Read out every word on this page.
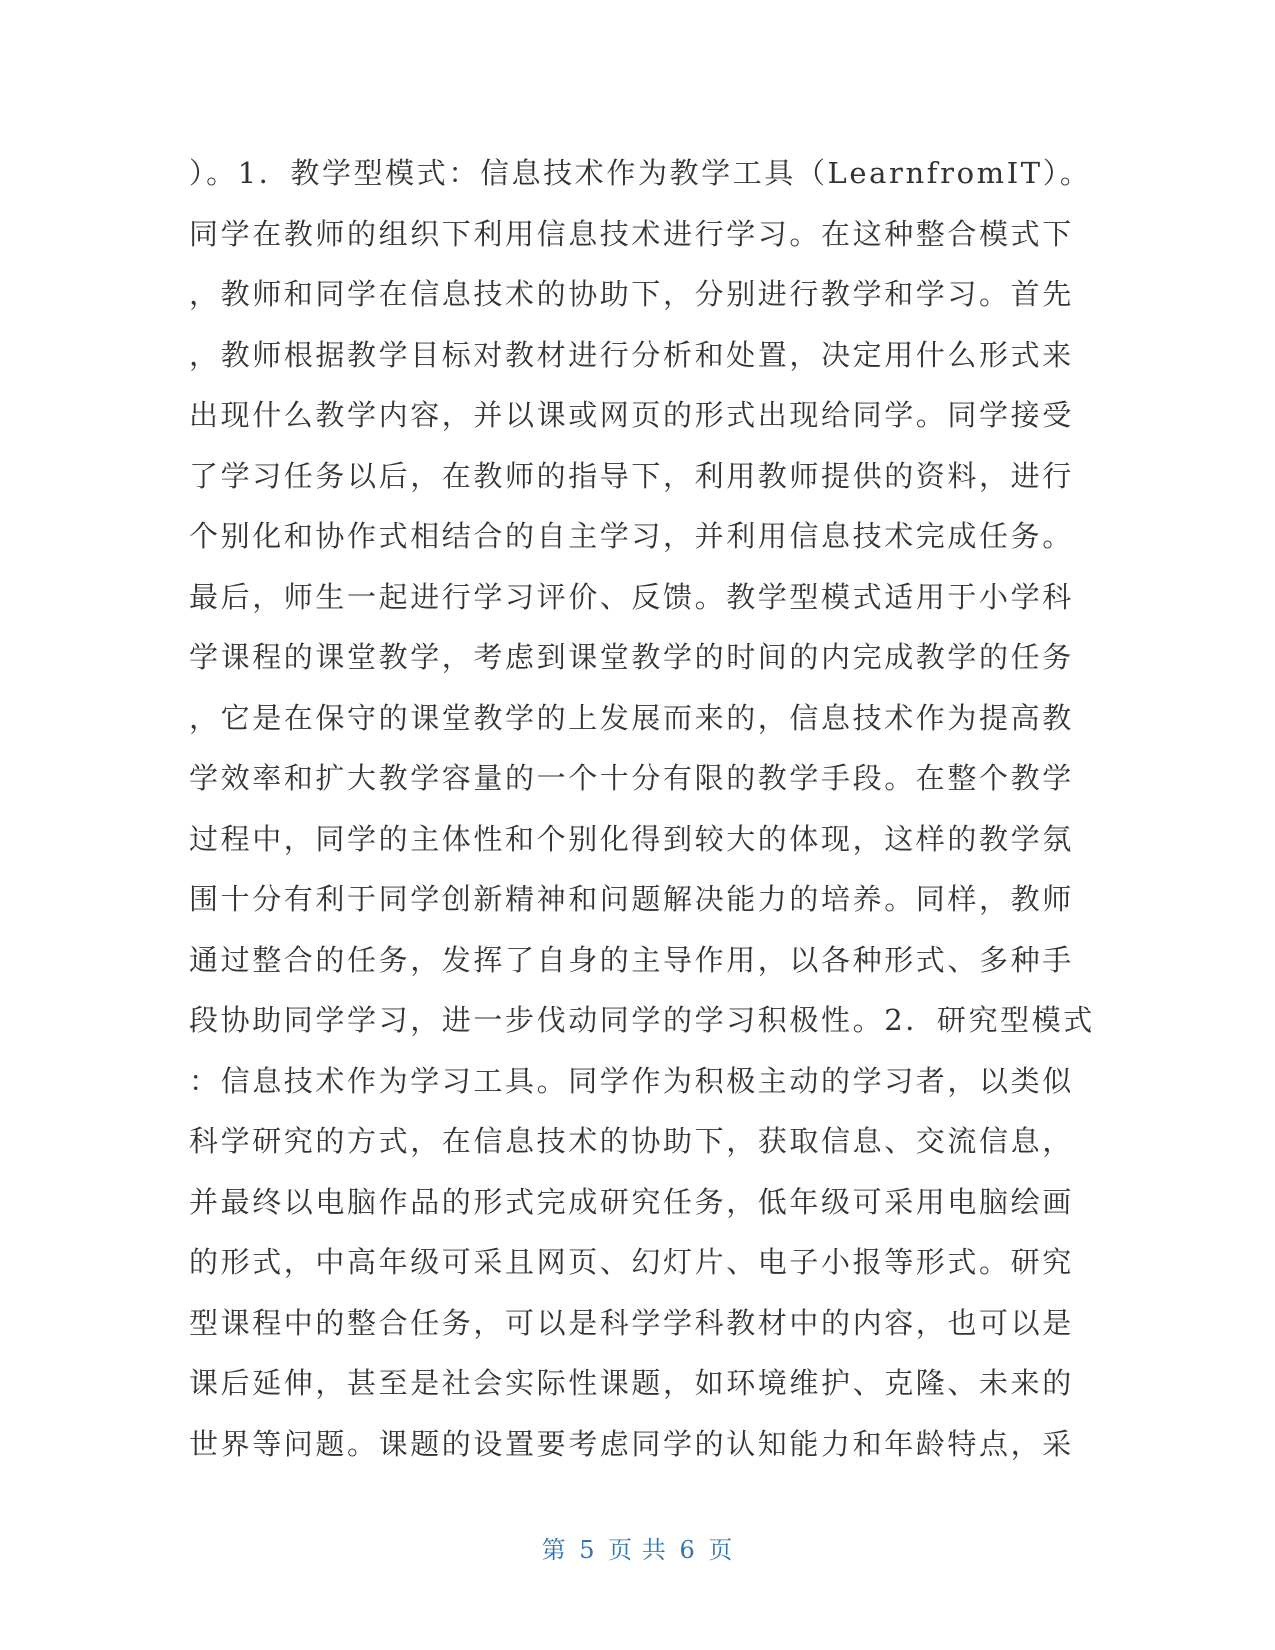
）。1．教学型模式：信息技术作为教学工具（LearnfromIT）。
同学在教师的组织下利用信息技术进行学习。在这种整合模式下
，教师和同学在信息技术的协助下，分别进行教学和学习。首先
，教师根据教学目标对教材进行分析和处置，决定用什么形式来
出现什么教学内容，并以课或网页的形式出现给同学。同学接受
了学习任务以后，在教师的指导下，利用教师提供的资料，进行
个别化和协作式相结合的自主学习，并利用信息技术完成任务。
最后，师生一起进行学习评价、反馈。教学型模式适用于小学科
学课程的课堂教学，考虑到课堂教学的时间的内完成教学的任务
，它是在保守的课堂教学的上发展而来的，信息技术作为提高教
学效率和扩大教学容量的一个十分有限的教学手段。在整个教学
过程中，同学的主体性和个别化得到较大的体现，这样的教学氛
围十分有利于同学创新精神和问题解决能力的培养。同样，教师
通过整合的任务，发挥了自身的主导作用，以各种形式、多种手
段协助同学学习，进一步伐动同学的学习积极性。2．研究型模式
：信息技术作为学习工具。同学作为积极主动的学习者，以类似
科学研究的方式，在信息技术的协助下，获取信息、交流信息，
并最终以电脑作品的形式完成研究任务，低年级可采用电脑绘画
的形式，中高年级可采且网页、幻灯片、电子小报等形式。研究
型课程中的整合任务，可以是科学学科教材中的内容，也可以是
课后延伸，甚至是社会实际性课题，如环境维护、克隆、未来的
世界等问题。课题的设置要考虑同学的认知能力和年龄特点，采
第 5 页 共 6 页
